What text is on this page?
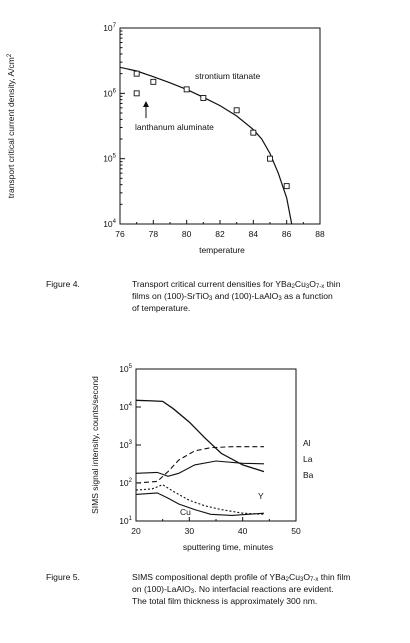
76	78	80	82	84	86	88
$10^7$
$10^6$
$10^5$
$10^4$
transport critical current density, $A/cm^2$
temperature
strontium titanate
lanthanum aluminate
20	30	40	50
$10^5$
$10^4$
$10^3$
$10^2$
$10^1$
Al
La
Ba
Y
Cu
SIMS signal intensity, counts/second
sputtering time, minutes
Figure 4.	Transport critical current densities for $YBa_2Cu_3O_{7-x}$ thin
films on (100)-SrTiO$_3$ and (100)-LaAlO$_3$ as a function
of temperature.
Figure 5.	SIMS compositional depth profile of $YBa_2Cu_3O_{7-x}$ thin film
on (100)-LaAlO$_3$. No interfacial reactions are evident.
The total film thickness is approximately 300 nm.
